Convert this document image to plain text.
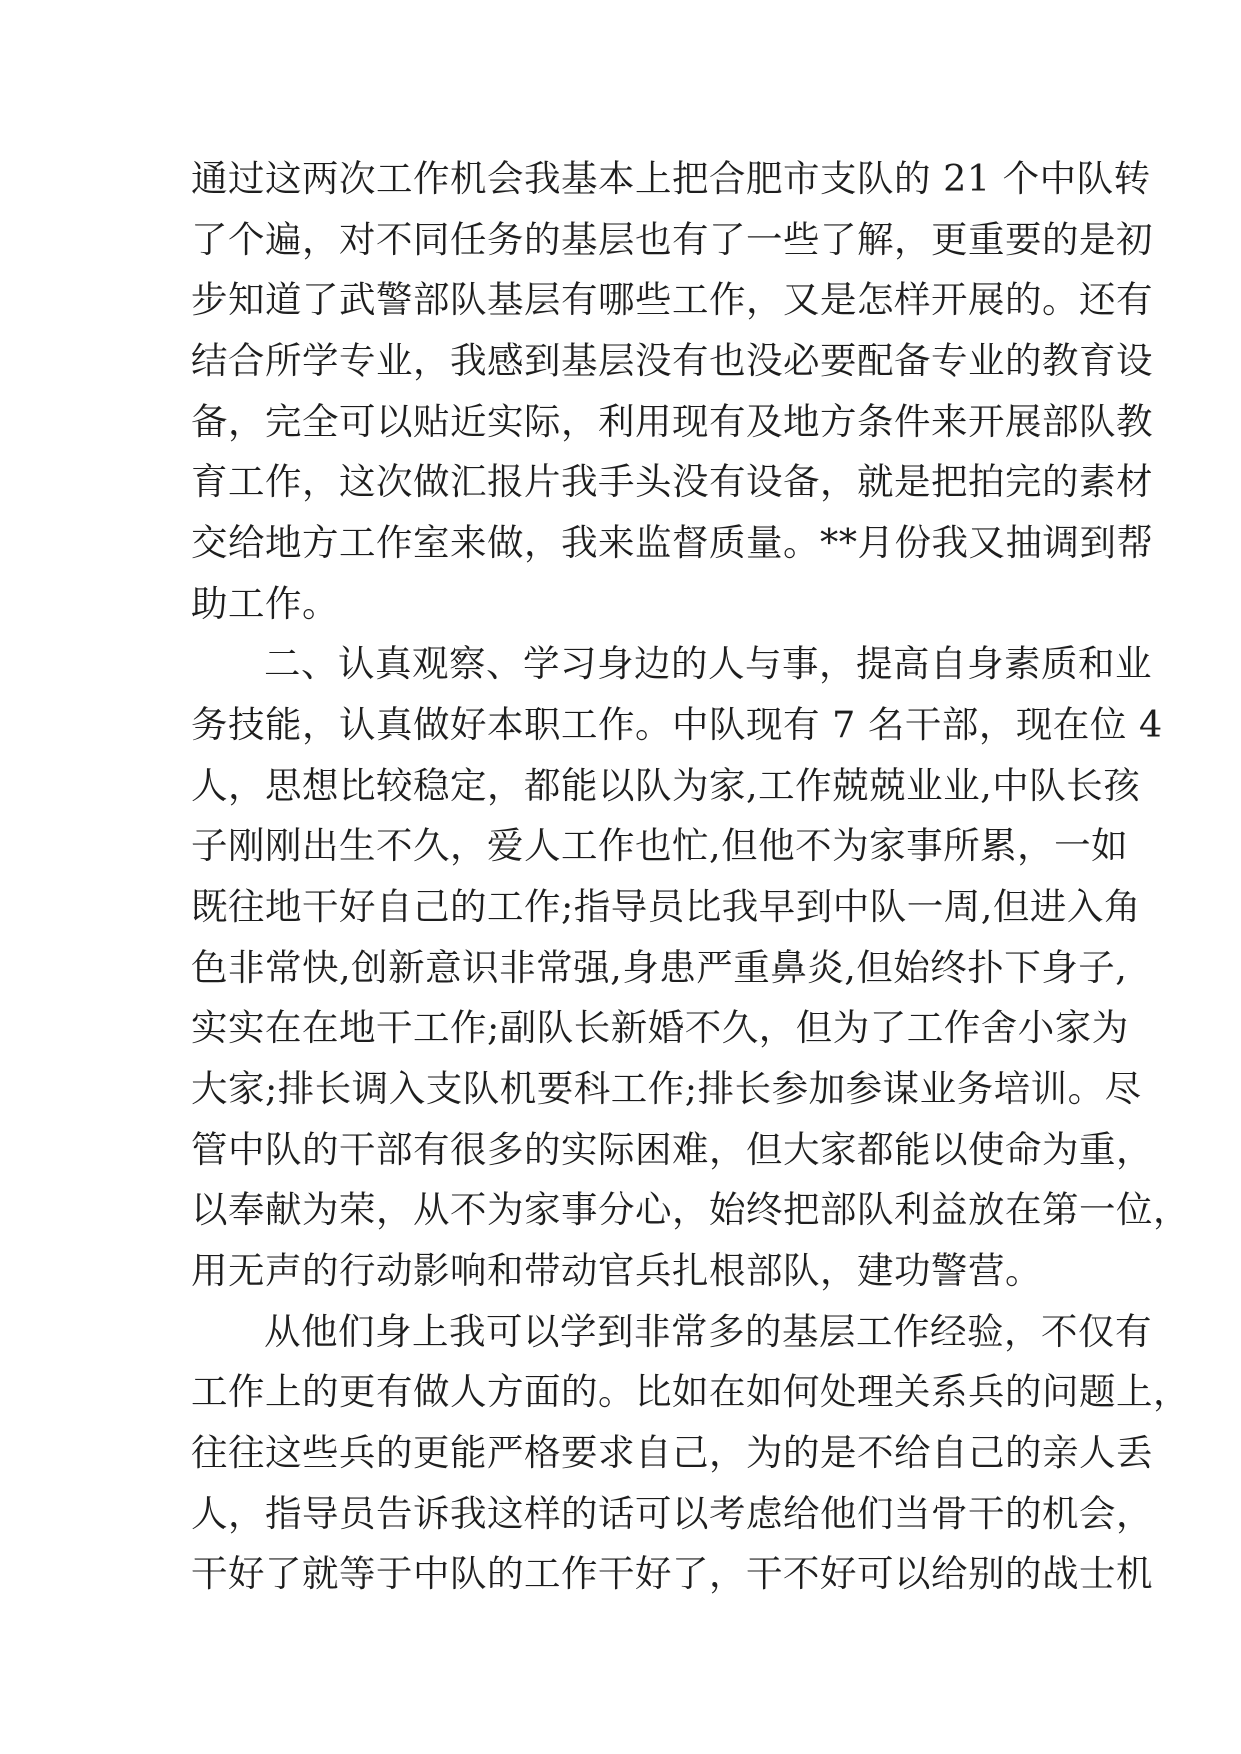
通过这两次工作机会我基本上把合肥市支队的 21 个中队转
了个遍，对不同任务的基层也有了一些了解，更重要的是初
步知道了武警部队基层有哪些工作，又是怎样开展的。还有
结合所学专业，我感到基层没有也没必要配备专业的教育设
备，完全可以贴近实际，利用现有及地方条件来开展部队教
育工作，这次做汇报片我手头没有设备，就是把拍完的素材
交给地方工作室来做，我来监督质量。**月份我又抽调到帮
助工作。
二、认真观察、学习身边的人与事，提高自身素质和业
务技能，认真做好本职工作。中队现有 7 名干部，现在位 4
人，思想比较稳定，都能以队为家,工作兢兢业业,中队长孩
子刚刚出生不久，爱人工作也忙,但他不为家事所累，一如
既往地干好自己的工作;指导员比我早到中队一周,但进入角
色非常快,创新意识非常强,身患严重鼻炎,但始终扑下身子,
实实在在地干工作;副队长新婚不久，但为了工作舍小家为
大家;排长调入支队机要科工作;排长参加参谋业务培训。尽
管中队的干部有很多的实际困难，但大家都能以使命为重，
以奉献为荣，从不为家事分心，始终把部队利益放在第一位，
用无声的行动影响和带动官兵扎根部队，建功警营。
从他们身上我可以学到非常多的基层工作经验，不仅有
工作上的更有做人方面的。比如在如何处理关系兵的问题上，
往往这些兵的更能严格要求自己，为的是不给自己的亲人丢
人，指导员告诉我这样的话可以考虑给他们当骨干的机会，
干好了就等于中队的工作干好了，干不好可以给别的战士机
